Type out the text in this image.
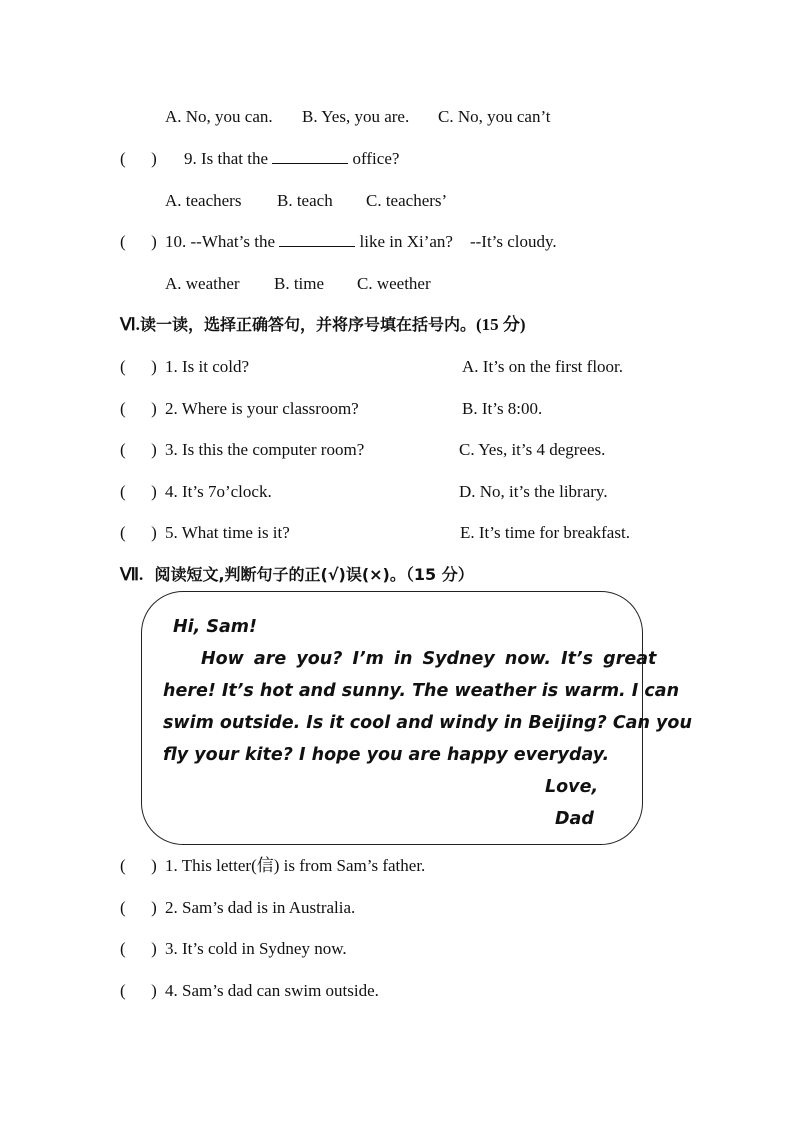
A. No, you can. B. Yes, you are. C. No, you can’t
(      ) 9. Is that the	office?
A. teachers B. teach C. teachers’
(      ) 10. --What’s the	like in Xi’an?    --It’s cloudy.
A. weather B. time C. weether
Ⅵ.读一读，选择正确答句，并将序号填在括号内。(15 分)
(      ) 1. Is it cold?	A. It’s on the first floor.
(      ) 2. Where is your classroom?	B. It’s 8:00.
(      ) 3. Is this the computer room?	C. Yes, it’s 4 degrees.
(      ) 4. It’s 7o’clock.	D. No, it’s the library.
(      ) 5. What time is it?	E. It’s time for breakfast.
Ⅶ. 阅读短文,判断句子的正(√)误(×)。（15 分）
Hi, Sam!
How are you? I’m in Sydney now. It’s great
here! It’s hot and sunny. The weather is warm. I can
swim outside. Is it cool and windy in Beijing? Can you
fly your kite? I hope you are happy everyday.
Love,
Dad
(      ) 1. This letter(信) is from Sam’s father.
(      ) 2. Sam’s dad is in Australia.
(      ) 3. It’s cold in Sydney now.
(      ) 4. Sam’s dad can swim outside.
